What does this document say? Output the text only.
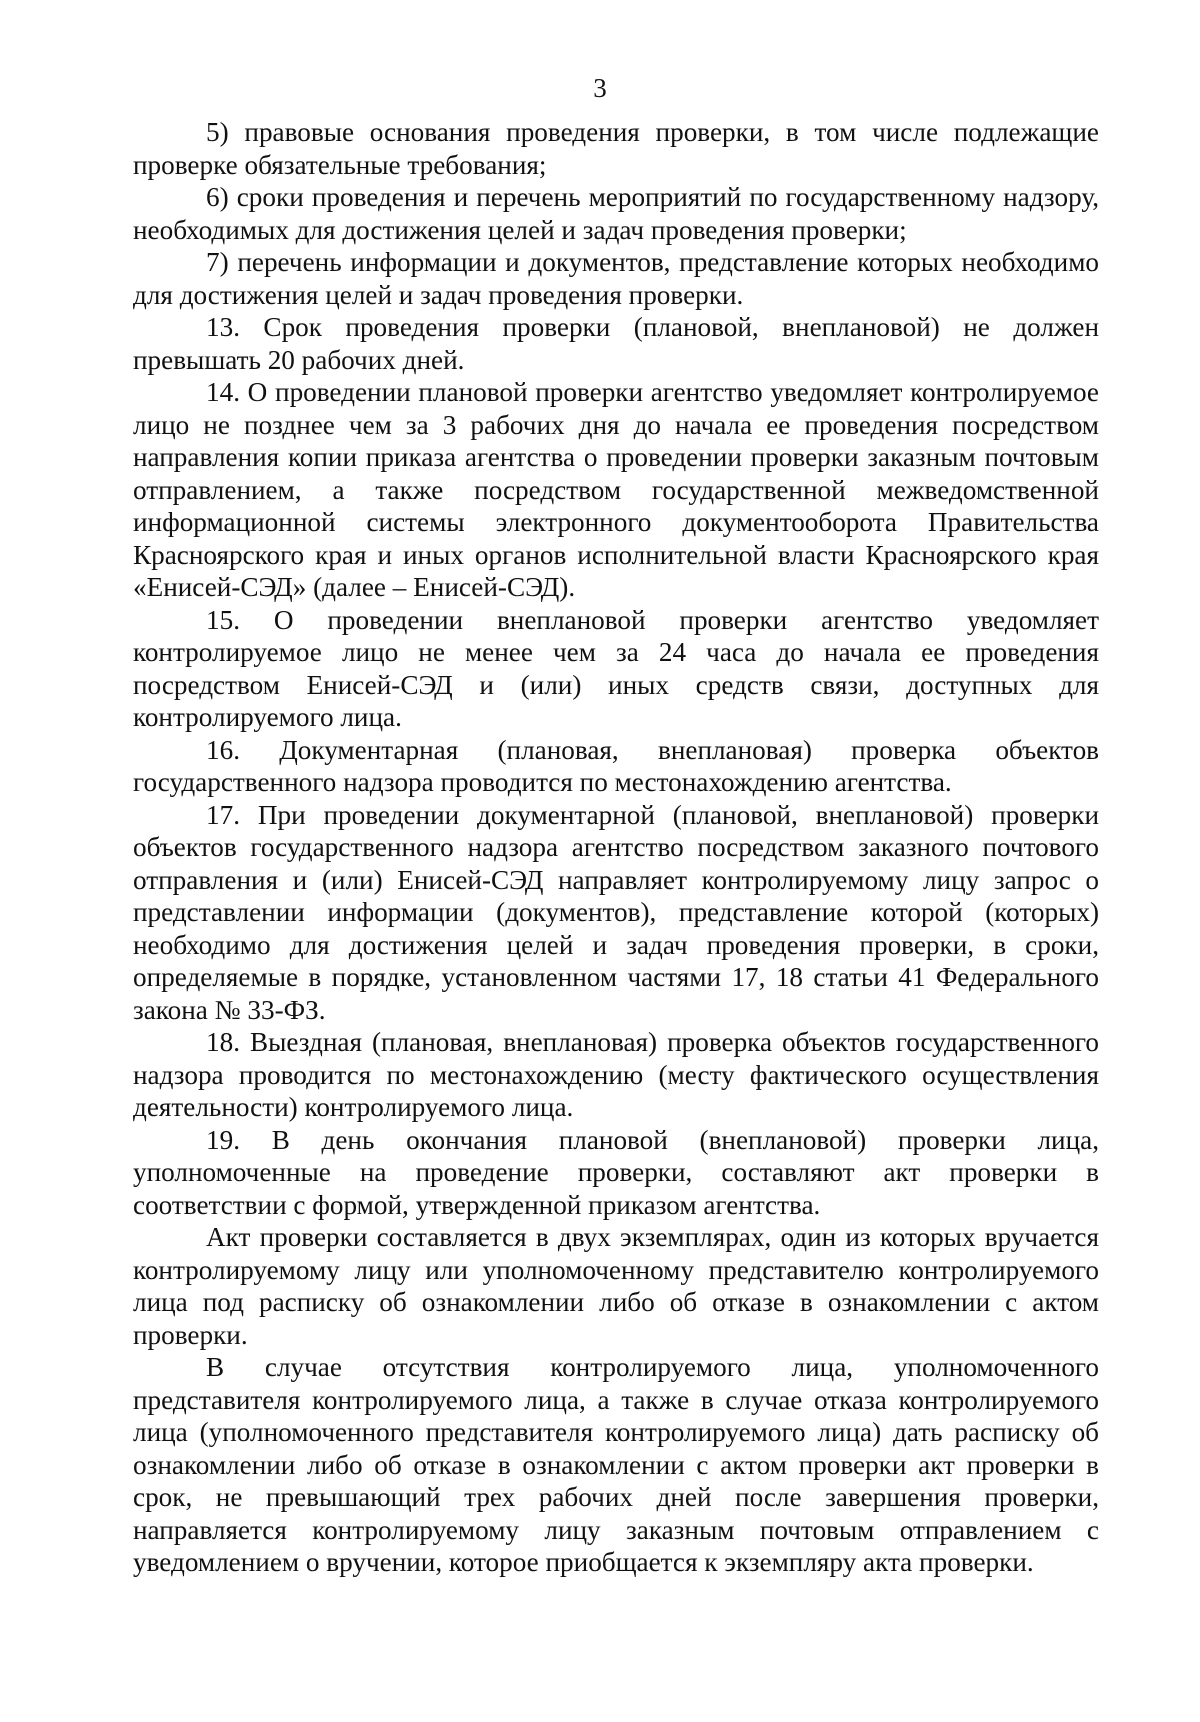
3

5) правовые основания проведения проверки, в том числе подлежащие проверке обязательные требования;

6) сроки проведения и перечень мероприятий по государственному надзору, необходимых для достижения целей и задач проведения проверки;

7) перечень информации и документов, представление которых необходимо для достижения целей и задач проведения проверки.

13. Срок проведения проверки (плановой, внеплановой) не должен превышать 20 рабочих дней.

14. О проведении плановой проверки агентство уведомляет контролируемое лицо не позднее чем за 3 рабочих дня до начала ее проведения посредством направления копии приказа агентства о проведении проверки заказным почтовым отправлением, а также посредством государственной межведомственной информационной системы электронного документооборота Правительства Красноярского края и иных органов исполнительной власти Красноярского края «Енисей-СЭД» (далее – Енисей-СЭД).

15. О проведении внеплановой проверки агентство уведомляет контролируемое лицо не менее чем за 24 часа до начала ее проведения посредством Енисей-СЭД и (или) иных средств связи, доступных для контролируемого лица.

16. Документарная (плановая, внеплановая) проверка объектов государственного надзора проводится по местонахождению агентства.

17. При проведении документарной (плановой, внеплановой) проверки объектов государственного надзора агентство посредством заказного почтового отправления и (или) Енисей-СЭД направляет контролируемому лицу запрос о представлении информации (документов), представление которой (которых) необходимо для достижения целей и задач проведения проверки, в сроки, определяемые в порядке, установленном частями 17, 18 статьи 41 Федерального закона № 33-ФЗ.

18. Выездная (плановая, внеплановая) проверка объектов государственного надзора проводится по местонахождению (месту фактического осуществления деятельности) контролируемого лица.

19. В день окончания плановой (внеплановой) проверки лица, уполномоченные на проведение проверки, составляют акт проверки в соответствии с формой, утвержденной приказом агентства.

Акт проверки составляется в двух экземплярах, один из которых вручается контролируемому лицу или уполномоченному представителю контролируемого лица под расписку об ознакомлении либо об отказе в ознакомлении с актом проверки.

В случае отсутствия контролируемого лица, уполномоченного представителя контролируемого лица, а также в случае отказа контролируемого лица (уполномоченного представителя контролируемого лица) дать расписку об ознакомлении либо об отказе в ознакомлении с актом проверки акт проверки в срок, не превышающий трех рабочих дней после завершения проверки, направляется контролируемому лицу заказным почтовым отправлением с уведомлением о вручении, которое приобщается к экземпляру акта проверки.
